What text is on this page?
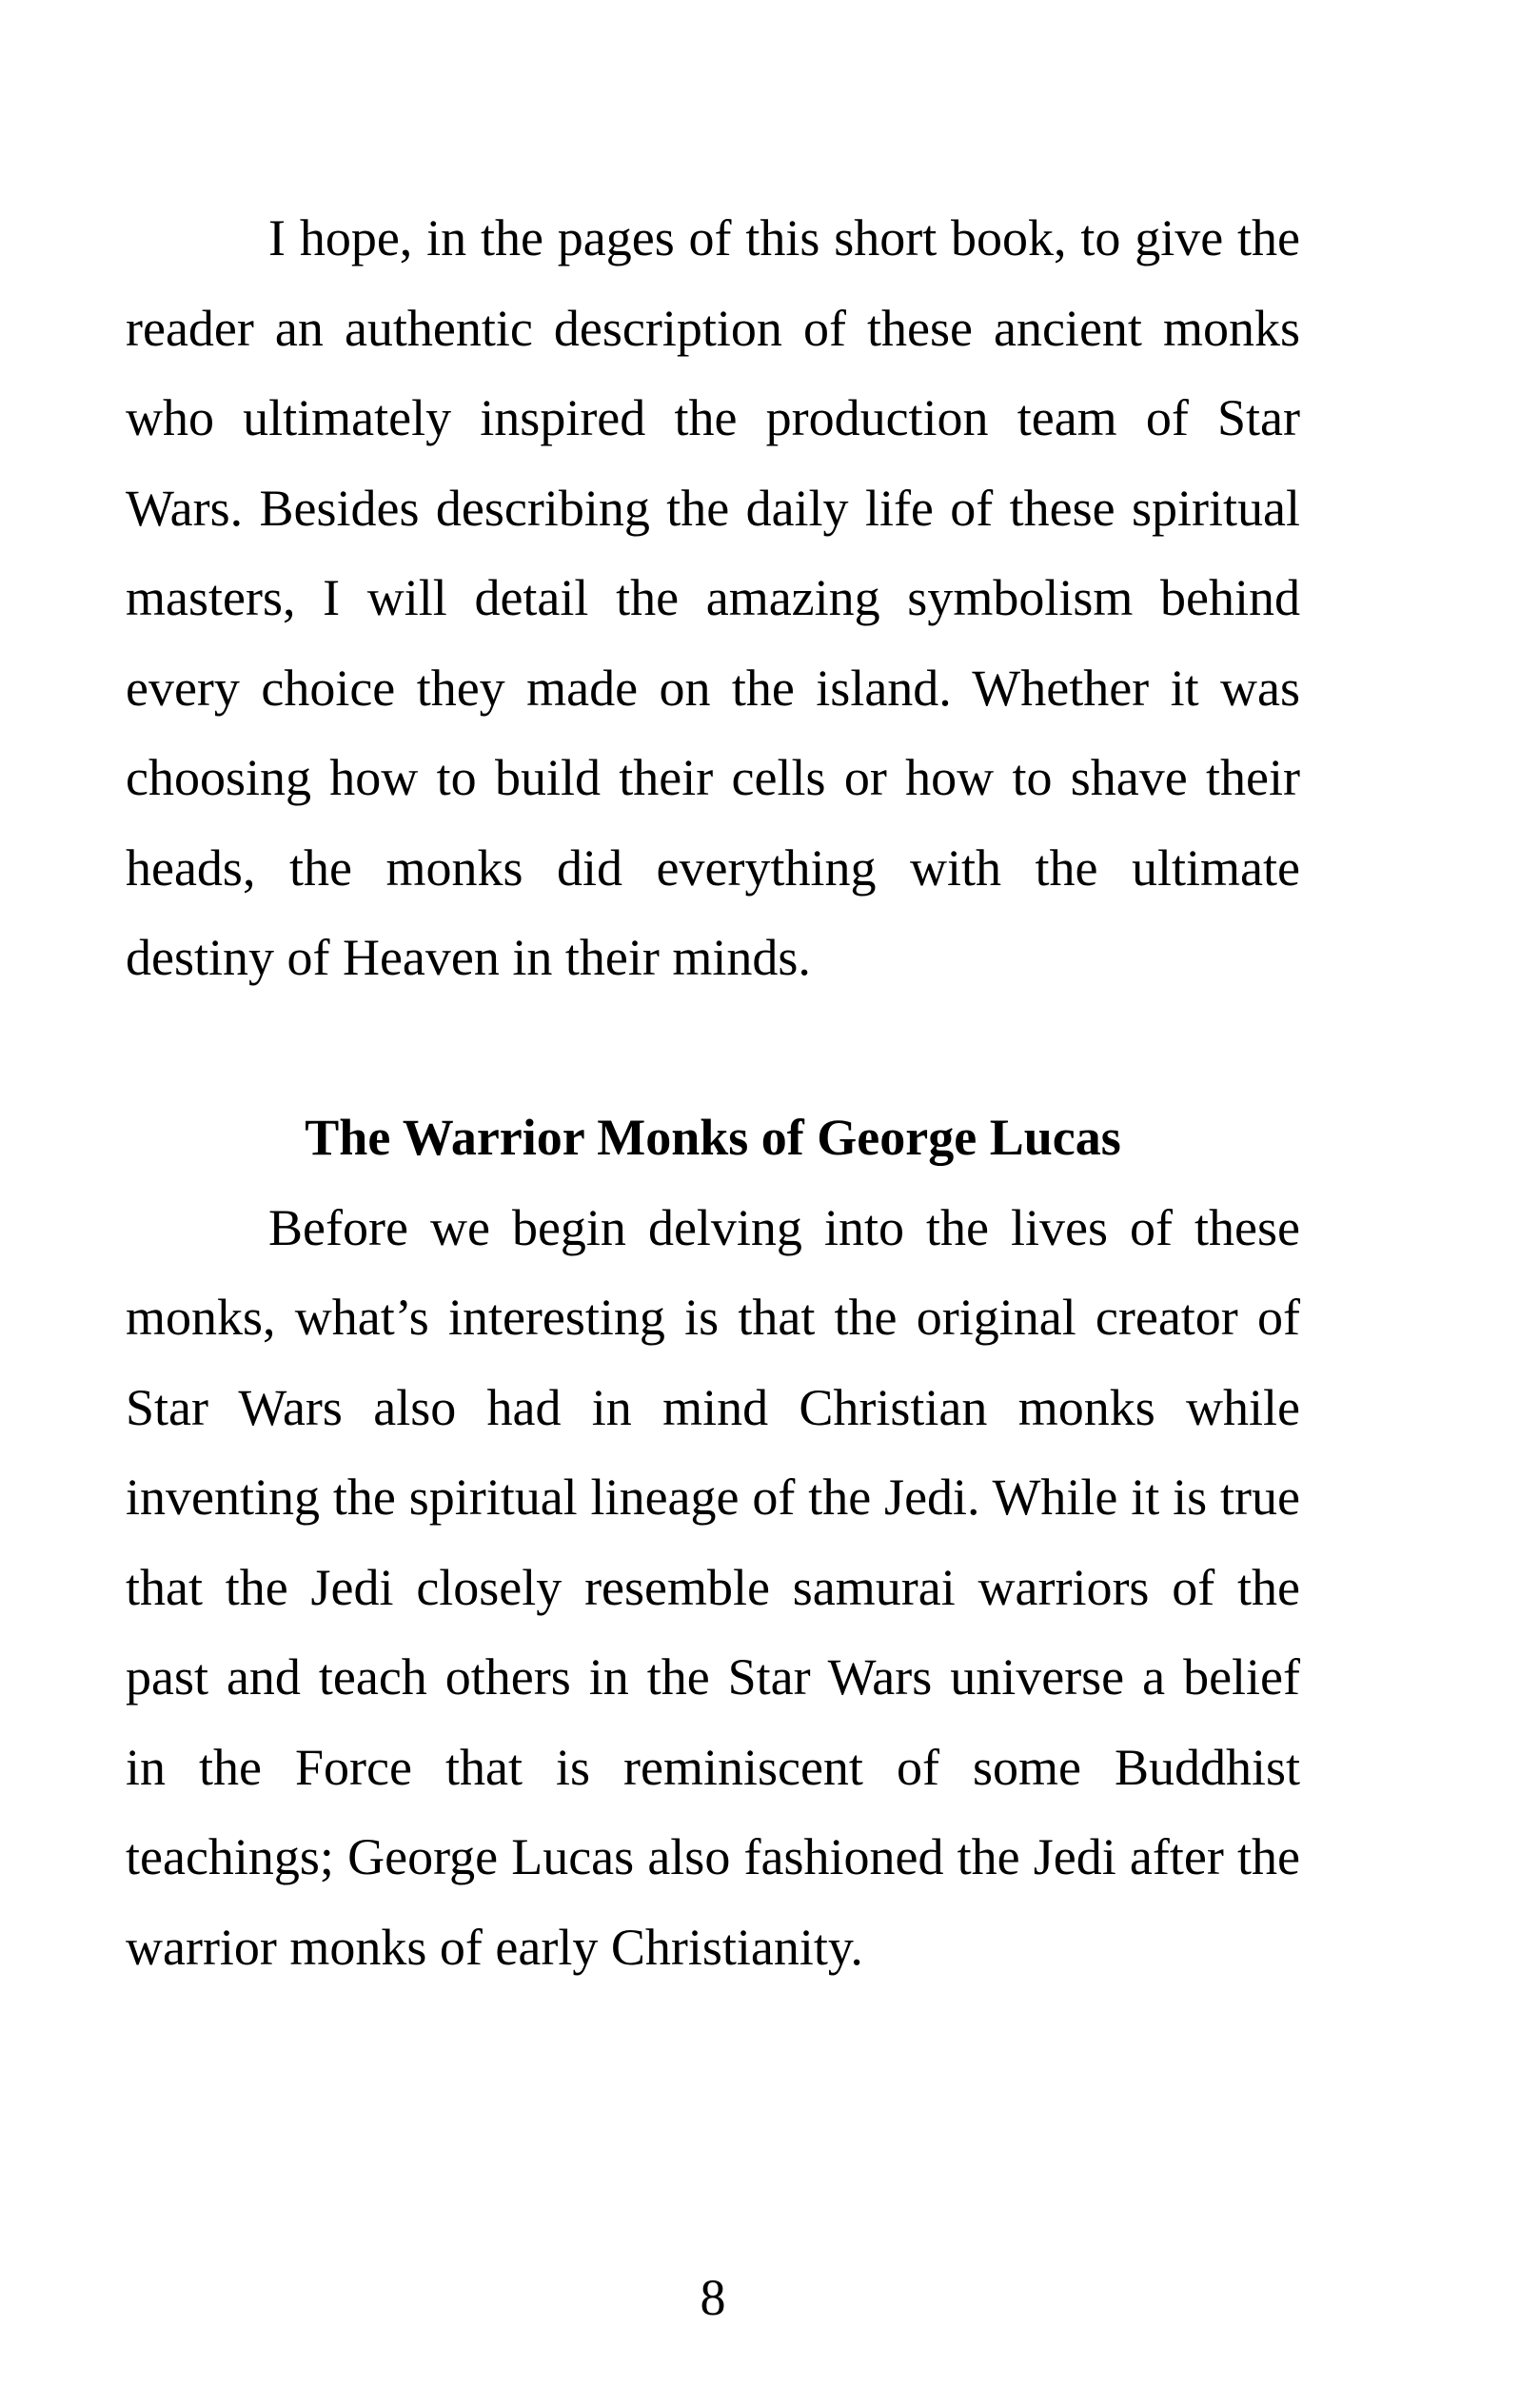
I hope, in the pages of this short book, to give the
reader an authentic description of these ancient monks
who ultimately inspired the production team of Star
Wars. Besides describing the daily life of these spiritual
masters, I will detail the amazing symbolism behind
every choice they made on the island. Whether it was
choosing how to build their cells or how to shave their
heads, the monks did everything with the ultimate
destiny of Heaven in their minds.
The Warrior Monks of George Lucas
Before we begin delving into the lives of these
monks, what’s interesting is that the original creator of
Star Wars also had in mind Christian monks while
inventing the spiritual lineage of the Jedi. While it is true
that the Jedi closely resemble samurai warriors of the
past and teach others in the Star Wars universe a belief
in the Force that is reminiscent of some Buddhist
teachings; George Lucas also fashioned the Jedi after the
warrior monks of early Christianity.
8
